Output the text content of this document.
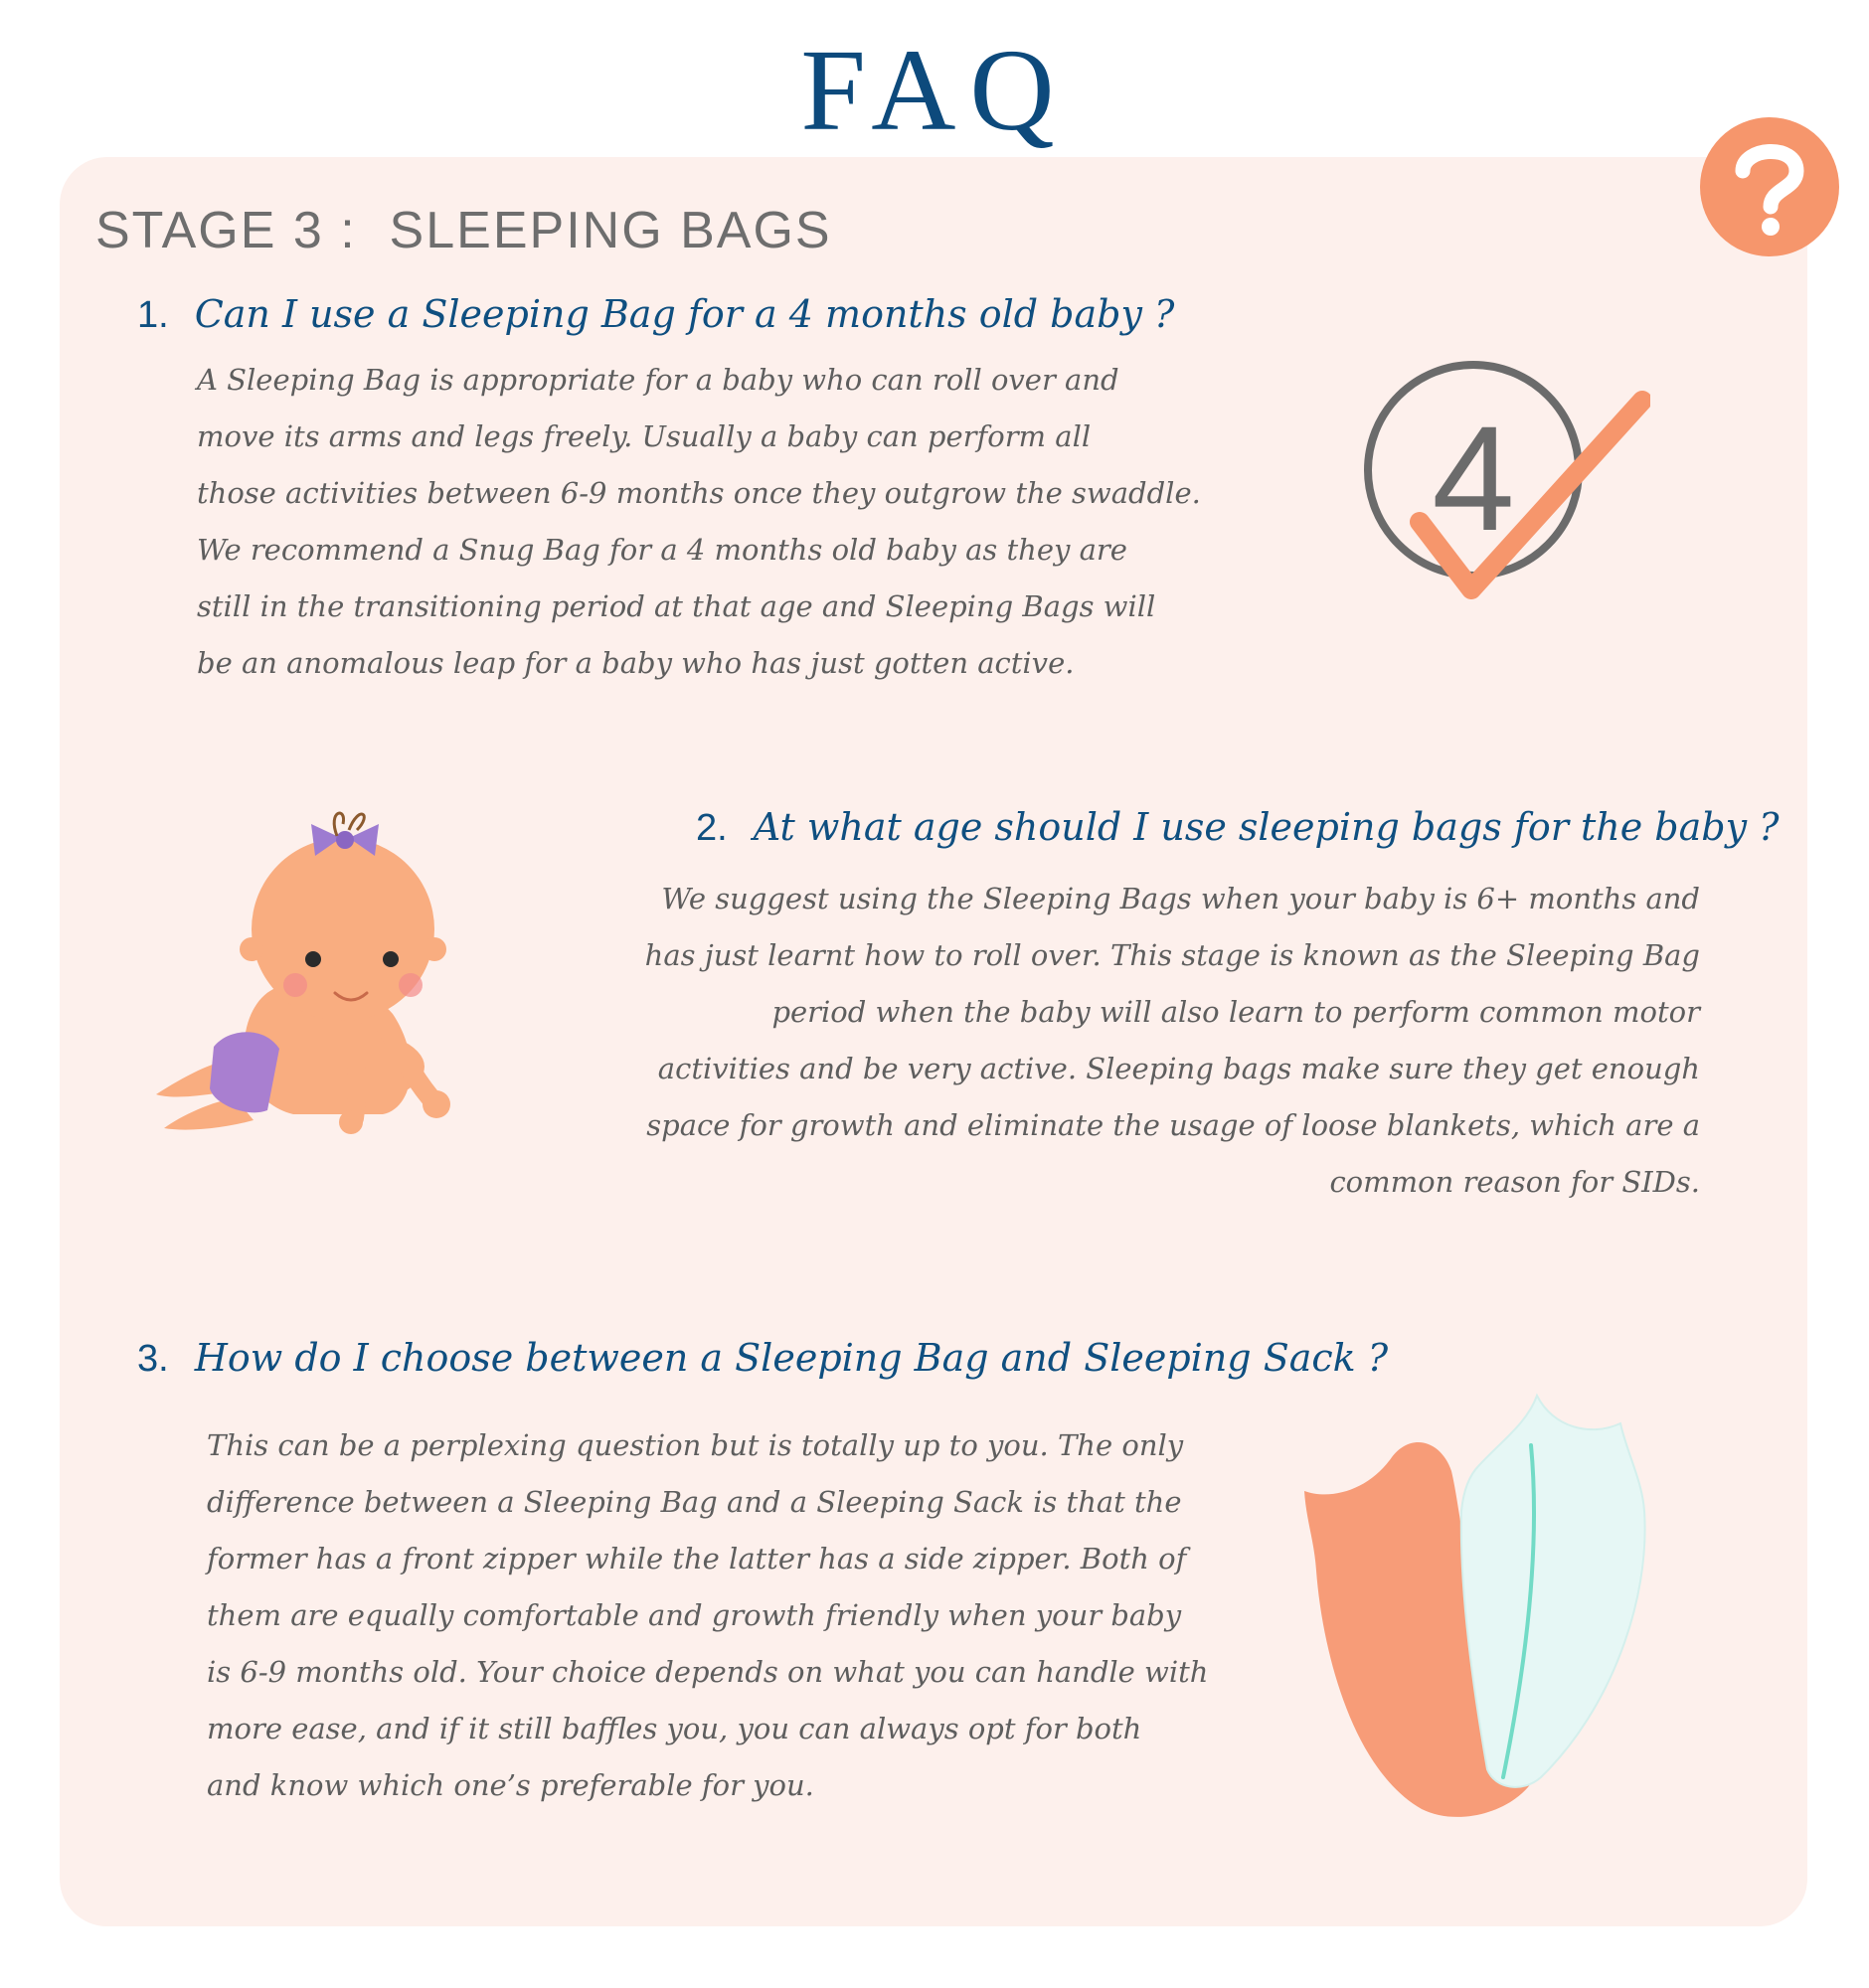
FAQ
STAGE 3 :  SLEEPING BAGS
1. Can I use a Sleeping Bag for a 4 months old baby ?

A Sleeping Bag is appropriate for a baby who can roll over and
move its arms and legs freely. Usually a baby can perform all
those activities between 6-9 months once they outgrow the swaddle.
We recommend a Snug Bag for a 4 months old baby as they are
still in the transitioning period at that age and Sleeping Bags will
be an anomalous leap for a baby who has just gotten active.

4
2. At what age should I use sleeping bags for the baby ?

We suggest using the Sleeping Bags when your baby is 6+ months and
has just learnt how to roll over. This stage is known as the Sleeping Bag
period when the baby will also learn to perform common motor
activities and be very active. Sleeping bags make sure they get enough
space for growth and eliminate the usage of loose blankets, which are a
common reason for SIDs.

3. How do I choose between a Sleeping Bag and Sleeping Sack ?

This can be a perplexing question but is totally up to you. The only
difference between a Sleeping Bag and a Sleeping Sack is that the
former has a front zipper while the latter has a side zipper. Both of
them are equally comfortable and growth friendly when your baby
is 6-9 months old. Your choice depends on what you can handle with
more ease, and if it still baffles you, you can always opt for both
and know which one’s preferable for you.
